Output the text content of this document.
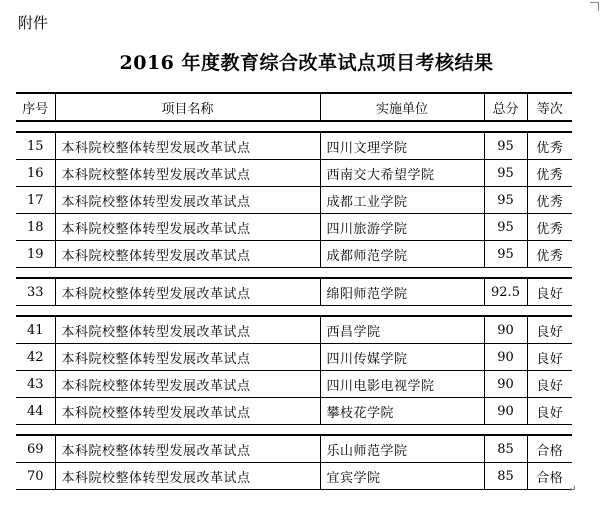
附件
2016 年度教育综合改革试点项目考核结果
序号	项目名称	实施单位	总分	等次

15	本科院校整体转型发展改革试点	四川文理学院	95	优秀
16	本科院校整体转型发展改革试点	西南交大希望学院	95	优秀
17	本科院校整体转型发展改革试点	成都工业学院	95	优秀
18	本科院校整体转型发展改革试点	四川旅游学院	95	优秀
19	本科院校整体转型发展改革试点	成都师范学院	95	优秀

33	本科院校整体转型发展改革试点	绵阳师范学院	92.5	良好

41	本科院校整体转型发展改革试点	西昌学院	90	良好
42	本科院校整体转型发展改革试点	四川传媒学院	90	良好
43	本科院校整体转型发展改革试点	四川电影电视学院	90	良好
44	本科院校整体转型发展改革试点	攀枝花学院	90	良好

69	本科院校整体转型发展改革试点	乐山师范学院	85	合格
70	本科院校整体转型发展改革试点	宜宾学院	85	合格
↵
